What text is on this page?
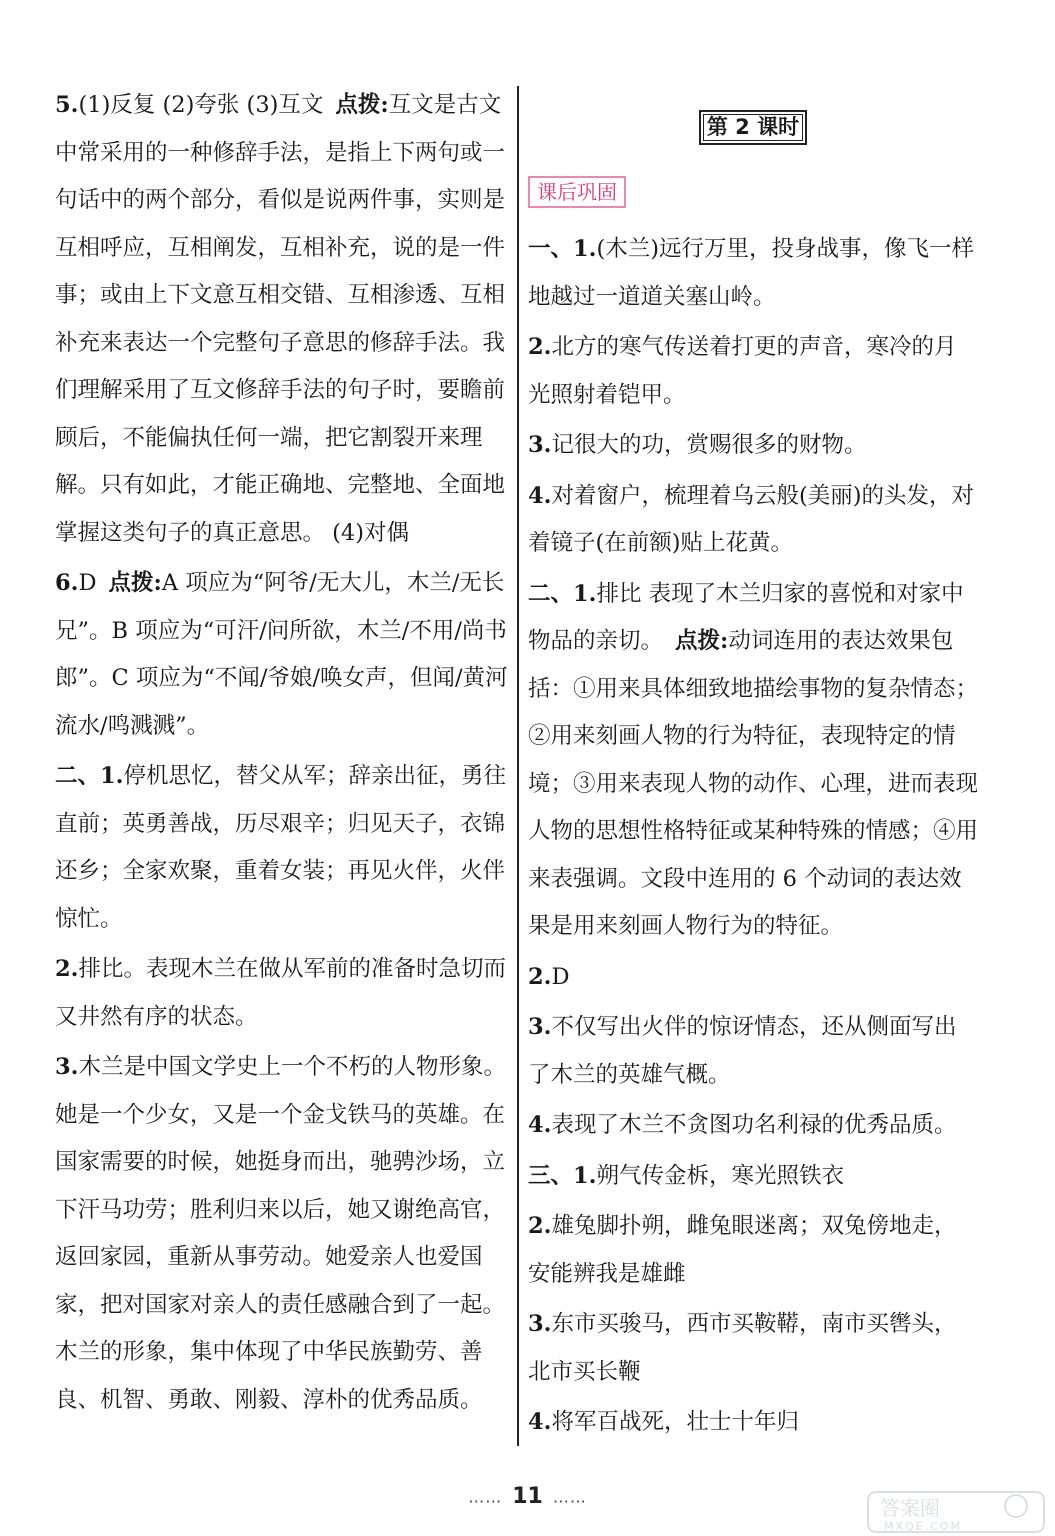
5.(1)反复 (2)夸张 (3)互文 点拨:互文是古文中常采用的一种修辞手法，是指上下两句或一句话中的两个部分，看似是说两件事，实则是互相呼应，互相阐发，互相补充，说的是一件事；或由上下文意互相交错、互相渗透、互相补充来表达一个完整句子意思的修辞手法。我们理解采用了互文修辞手法的句子时，要瞻前顾后，不能偏执任何一端，把它割裂开来理解。只有如此，才能正确地、完整地、全面地掌握这类句子的真正意思。 (4)对偶
6.D 点拨:A 项应为“阿爷/无大儿，木兰/无长兄”。B 项应为“可汗/问所欲，木兰/不用/尚书郎”。C 项应为“不闻/爷娘/唤女声，但闻/黄河流水/鸣溅溅”。
二、1.停机思忆，替父从军；辞亲出征，勇往直前；英勇善战，历尽艰辛；归见天子，衣锦还乡；全家欢聚，重着女装；再见火伴，火伴惊忙。
2.排比。表现木兰在做从军前的准备时急切而又井然有序的状态。
3.木兰是中国文学史上一个不朽的人物形象。她是一个少女，又是一个金戈铁马的英雄。在国家需要的时候，她挺身而出，驰骋沙场，立下汗马功劳；胜利归来以后，她又谢绝高官，返回家园，重新从事劳动。她爱亲人也爱国家，把对国家对亲人的责任感融合到了一起。木兰的形象，集中体现了中华民族勤劳、善良、机智、勇敢、刚毅、淳朴的优秀品质。
第 2 课时
课后巩固
一、1.(木兰)远行万里，投身战事，像飞一样地越过一道道关塞山岭。
2.北方的寒气传送着打更的声音，寒冷的月光照射着铠甲。
3.记很大的功，赏赐很多的财物。
4.对着窗户，梳理着乌云般(美丽)的头发，对着镜子(在前额)贴上花黄。
二、1.排比 表现了木兰归家的喜悦和对家中物品的亲切。 点拨:动词连用的表达效果包括：①用来具体细致地描绘事物的复杂情态；②用来刻画人物的行为特征，表现特定的情境；③用来表现人物的动作、心理，进而表现人物的思想性格特征或某种特殊的情感；④用来表强调。文段中连用的 6 个动词的表达效果是用来刻画人物行为的特征。
2.D
3.不仅写出火伴的惊讶情态，还从侧面写出了木兰的英雄气概。
4.表现了木兰不贪图功名利禄的优秀品质。
三、1.朔气传金柝，寒光照铁衣
2.雄兔脚扑朔，雌兔眼迷离；双兔傍地走，安能辨我是雄雌
3.东市买骏马，西市买鞍鞯，南市买辔头，北市买长鞭
4.将军百战死，壮士十年归
…… 11 ……	答案圈
MXQE.COM
